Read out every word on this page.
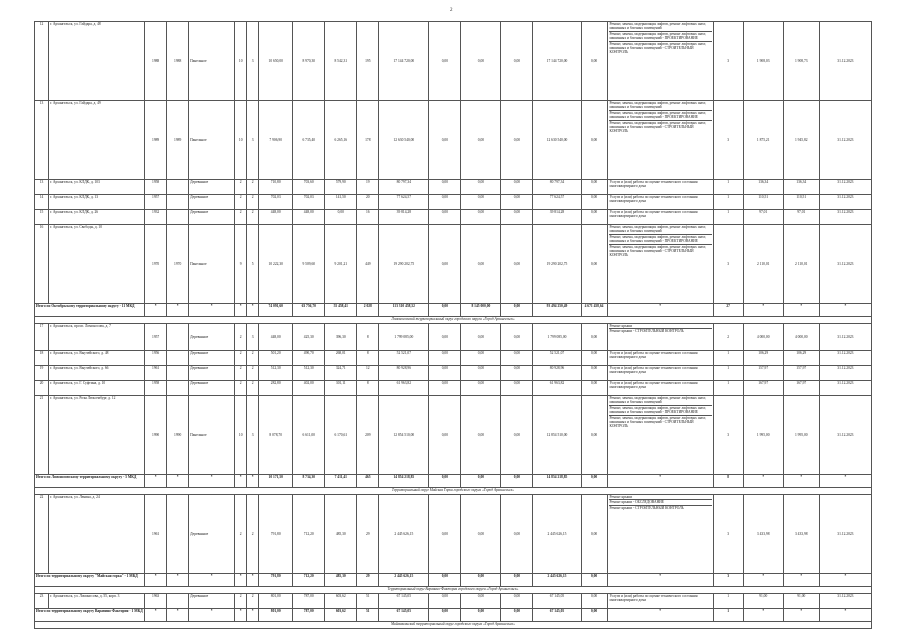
2
12	г. Архангельск, ул. Гайдара, д. 48	1988	1988	Панельное	10	3	10 650,00	8 970,30	8 542,31	195	17 144 720,00	0,00	0,00	0,00	17 144 720,00	0,00	Ремонт, замена, модернизация лифтов, ремонт лифтовых шахт, машинных и блочных помещений
Ремонт, замена, модернизация лифтов, ремонт лифтовых шахт, машинных и блочных помещений - ПРОЕКТИРОВАНИЕ
Ремонт, замена, модернизация лифтов, ремонт лифтовых шахт, машинных и блочных помещений - СТРОИТЕЛЬНЫЙ КОНТРОЛЬ	3	1 908,03	1 908,73	31.12.2023
13	г. Архангельск, ул. Гайдара, д. 49	1989	1989	Панельное	10	3	7 906,90	6 735,40	6 265,16	178	12 630 540,00	0,00	0,00	0,00	12 630 540,00	0,00	Ремонт, замена, модернизация лифтов, ремонт лифтовых шахт, машинных и блочных помещений
Ремонт, замена, модернизация лифтов, ремонт лифтовых шахт, машинных и блочных помещений - ПРОЕКТИРОВАНИЕ
Ремонт, замена, модернизация лифтов, ремонт лифтовых шахт, машинных и блочных помещений - СТРОИТЕЛЬНЫЙ КОНТРОЛЬ	3	1 875,21	1 945,82	31.12.2023
13	г. Архангельск, ул. КЛДК, д. 103	1958		Деревянное	2	2	710,80	703,60	579,90	19	80 797,34	0,00	0,00	0,00	80 797,34	0,00	Услуги и (или) работы по оценке технического состояния многоквартирного дома	1	136,34	136,34	31.12.2023
14	г. Архангельск, ул. КЛДК, д. 13	1957		Деревянное	2	2	702,03	702,03	141,50	20	77 624,57	0,00	0,00	0,00	77 624,57	0,00	Услуги и (или) работы по оценке технического состояния многоквартирного дома	1	110,51	110,51	31.12.2023
15	г. Архангельск, ул. КЛДК, д. 26	1932		Деревянное	2	2	448,00	448,00	0,00	16	39 814,28	0,00	0,00	0,00	39 814,28	0,00	Услуги и (или) работы по оценке технического состояния многоквартирного дома	1	97,01	97,01	31.12.2023
16	г. Архангельск, ул. Свободы, д. 10	1970	1970	Панельное	9	5	10 222,30	9 509,60	9 201,21	449	19 290 202,75	0,00	0,00	0,00	19 290 202,75	0,00	Ремонт, замена, модернизация лифтов, ремонт лифтовых шахт, машинных и блочных помещений
Ремонт, замена, модернизация лифтов, ремонт лифтовых шахт, машинных и блочных помещений - ПРОЕКТИРОВАНИЕ
Ремонт, замена, модернизация лифтов, ремонт лифтовых шахт, машинных и блочных помещений - СТРОИТЕЛЬНЫЙ КОНТРОЛЬ	3	2 110,01	2 110,01	31.12.2023
Итого по Октябрьскому территориальному округу - 11 МКД		*	*	*	*	*	74 091,60	63 756,70	55 458,41	2 028	113 310 458,52	0,00	8 145 000,00	0,00	93 494 250,49	4 671 458,64	*	27	*	*	*
Ломоносовский территориальный округ городского округа «Город Архангельск»																					
17	г. Архангельск, просп. Ломоносова, д. 7	1957		Деревянное	2	3	448,00	425,30	396,30	8	1 799 085,00	0,00	0,00	0,00	1 799 085,00	0,00	Ремонт крыши
Ремонт крыши - СТРОИТЕЛЬНЫЙ КОНТРОЛЬ	2	4 000,00	4 000,00	31.12.2023
18	г. Архангельск, ул. Выучейского, д. 48	1956		Деревянное	2	2	501,20	490,70	268,01	8	52 521,07	0,00	0,00	0,00	52 521,07	0,00	Услуги и (или) работы по оценке технического состояния многоквартирного дома	1	106,29	106,29	31.12.2023
19	г. Архангельск, ул. Выучейского, д. 66	1961		Деревянное	2	2	512,30	512,30	324,71	12	80 928,96	0,00	0,00	0,00	80 928,96	0,00	Услуги и (или) работы по оценке технического состояния многоквартирного дома	1	157,97	157,97	31.12.2023
20	г. Архангельск, ул. Г. Суфтина, д. 10	1958		Деревянное	2	2	282,80	402,00	301,11	8	61 963,82	0,00	0,00	0,00	61 963,82	0,00	Услуги и (или) работы по оценке технического состояния многоквартирного дома	1	167,97	167,97	31.12.2023
21	г. Архангельск, ул. Розы Люксембург, д. 12	1990	1990	Панельное	10	3	8 078,70	6 611,00	6 170,61	209	12 854 510,00	0,00	0,00	0,00	12 854 510,00	0,00	Ремонт, замена, модернизация лифтов, ремонт лифтовых шахт, машинных и блочных помещений
Ремонт, замена, модернизация лифтов, ремонт лифтовых шахт, машинных и блочных помещений - ПРОЕКТИРОВАНИЕ
Ремонт, замена, модернизация лифтов, ремонт лифтовых шахт, машинных и блочных помещений - СТРОИТЕЛЬНЫЙ КОНТРОЛЬ	3	1 995,00	1 995,00	31.12.2023
Итого по Ломоносовскому территориальному округу - 5 МКД		*	*	*	*	*	10 171,50	8 734,30	7 411,41	465	14 854 218,85	0,00	0,00	0,00	14 854 218,85	0,00	*	8	*	*	*
Территориальный округ Майская Горка городского округа «Город Архангельск»																					
22	г. Архангельск, ул. Ленина, д. 24	1961		Деревянное	2	2	791,80	712,20	485,30	29	2 445 626,15	0,00	0,00	0,00	2 445 626,15	0,00	Ремонт крыши
Ремонт крыши - ОБСЛЕДОВАНИЕ
Ремонт крыши - СТРОИТЕЛЬНЫЙ КОНТРОЛЬ	3	3 433,98	3 433,98	31.12.2023
Итого по территориальному округу "Майская горка" - 1 МКД		*	*	*	*	*	791,80	712,20	485,30	29	2 445 626,15	0,00	0,00	0,00	2 445 626,15	0,00	*	3	*	*	*
Территориальный округ Варавино-Фактория городского округа «Город Архангельск»																					
23	г. Архангельск, ул. Ломоносова, д. 55, корп. 3	1963		Деревянное	2	2	801,00	787,00	603,62	51	67 145,05	0,00	0,00	0,00	67 145,05	0,00	Услуги и (или) работы по оценке технического состояния многоквартирного дома	1	91,00	91,00	31.12.2023
Итого по территориальному округу Варавино-Фактория - 1 МКД		*	*	*	*	*	801,00	787,00	603,62	51	67 145,05	0,00	0,00	0,00	67 145,05	0,00	*	1	*	*	*
Маймаксанский территориальный округ городского округа «Город Архангельск»																					
